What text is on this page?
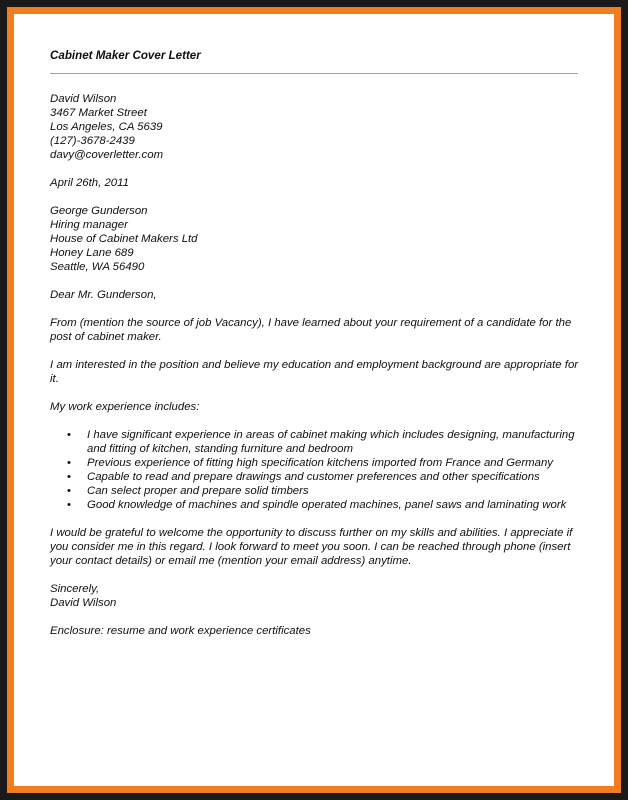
Cabinet Maker Cover Letter
David Wilson
3467 Market Street
Los Angeles, CA 5639
(127)-3678-2439
davy@coverletter.com
April 26th, 2011
George Gunderson
Hiring manager
House of Cabinet Makers Ltd
Honey Lane 689
Seattle, WA 56490

Dear Mr. Gunderson,

From (mention the source of job Vacancy), I have learned about your requirement of a candidate for the post of cabinet maker.

I am interested in the position and believe my education and employment background are appropriate for it.

My work experience includes:

• I have significant experience in areas of cabinet making which includes designing, manufacturing and fitting of kitchen, standing furniture and bedroom
• Previous experience of fitting high specification kitchens imported from France and Germany
• Capable to read and prepare drawings and customer preferences and other specifications
• Can select proper and prepare solid timbers
• Good knowledge of machines and spindle operated machines, panel saws and laminating work

I would be grateful to welcome the opportunity to discuss further on my skills and abilities. I appreciate if you consider me in this regard. I look forward to meet you soon. I can be reached through phone (insert your contact details) or email me (mention your email address) anytime.

Sincerely,
David Wilson
Enclosure: resume and work experience certificates
